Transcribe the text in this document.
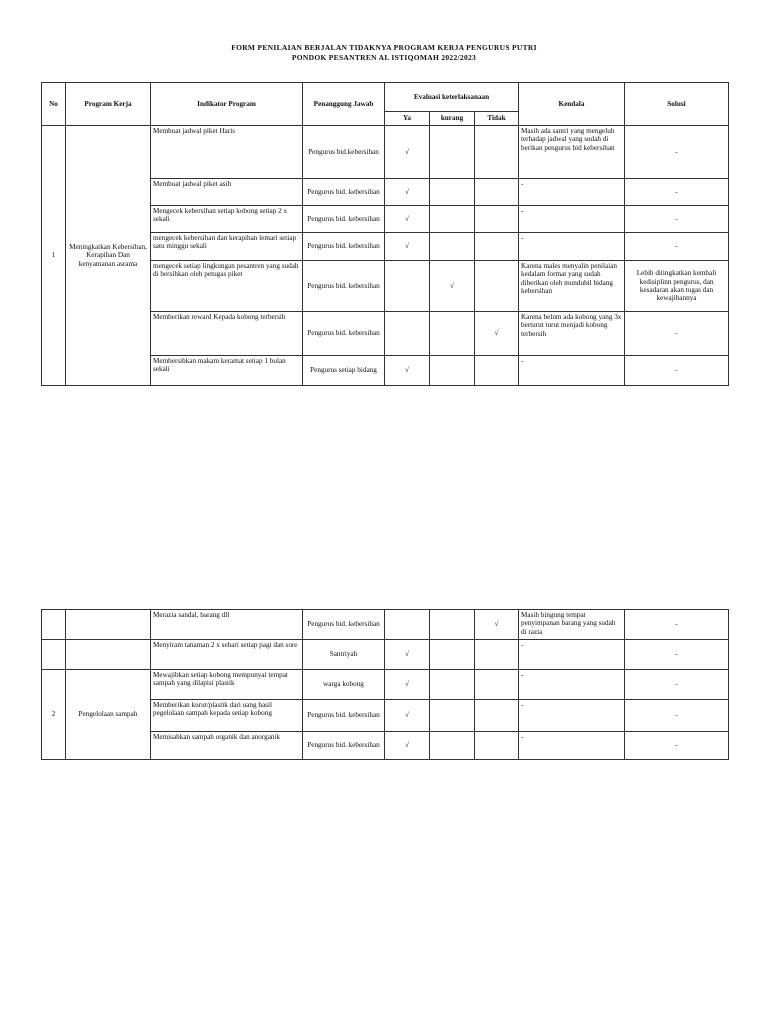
FORM PENILAIAN BERJALAN TIDAKNYA PROGRAM KERJA PENGURUS PUTRI
PONDOK PESANTREN AL ISTIQOMAH 2022/2023
No	Program Kerja	Indikator Program	Penanggung Jawab	Evaluasi keterlaksanaan			Kendala	Solusi
				Ya	kurang	Tidak		
1	Meningkatkan Kebersihan, Kerapihan Dan kenyamanan asrama	Membuat jadwal piket Haris	Pengurus bid.kebersihan	√			Masih ada santri yang mengeluh terhadap jadwal yang sudah di berikan pengurus bid kebersihan	-
		Membuat jadwal piket asih	Pengurus bid. kebersihan	√			-	-
		Mengecek kebersihan setiap kobong setiap 2 x sekali	Pengurus bid. kebersihan	√			-	-
		mengecek kebersihan dan kerapihan lemari setiap satu minggu sekali	Pengurus bid. kebersihan	√			-	-
		mengecek setiap lingkungan pesantren yang sudah di bersihkan oleh petugas piket	Pengurus bid. kebersihan		√		Karena males menyalin penilaian kedalam format yang sudah diberikan oleh mundubil bidang kebersihan	Lebih ditingkatkan kembali kedisiplinn pengurus, dan kesadaran akan tugas dan kewajibannya
		Memberikan reward Kepada kobong terbersih	Pengurus bid. kebersihan			√	Karena belum ada kobong yang 3x berturut turut menjadi kobong terbersih	-
		Membersihkan makam keramat setiap 1 bulan sekali	Pengurus setiap bidang	√			-	-
		Merazia sandal, barang dll	Pengurus bid. kebersihan			√	Masih bingung tempat penyimpanan barang yang sudah di razia	-
		Menyiram tanaman 2 x sehari setiap pagi dan sore	Santriyah	√			-	-
2	Pengelolaan sampah	Mewajibkan setiap kobong mempunyai tempat sampah yang dilapisi plastik	warga kobong	√			-	-
		Memberikan kurut/plastik dari uang hasil pegelolaan sampah kepada setiap kobong	Pengurus bid. kebersihan	√			-	-
		Memisahkan sampah organik dan anorganik	Pengurus bid. kebersihan	√			-	-
